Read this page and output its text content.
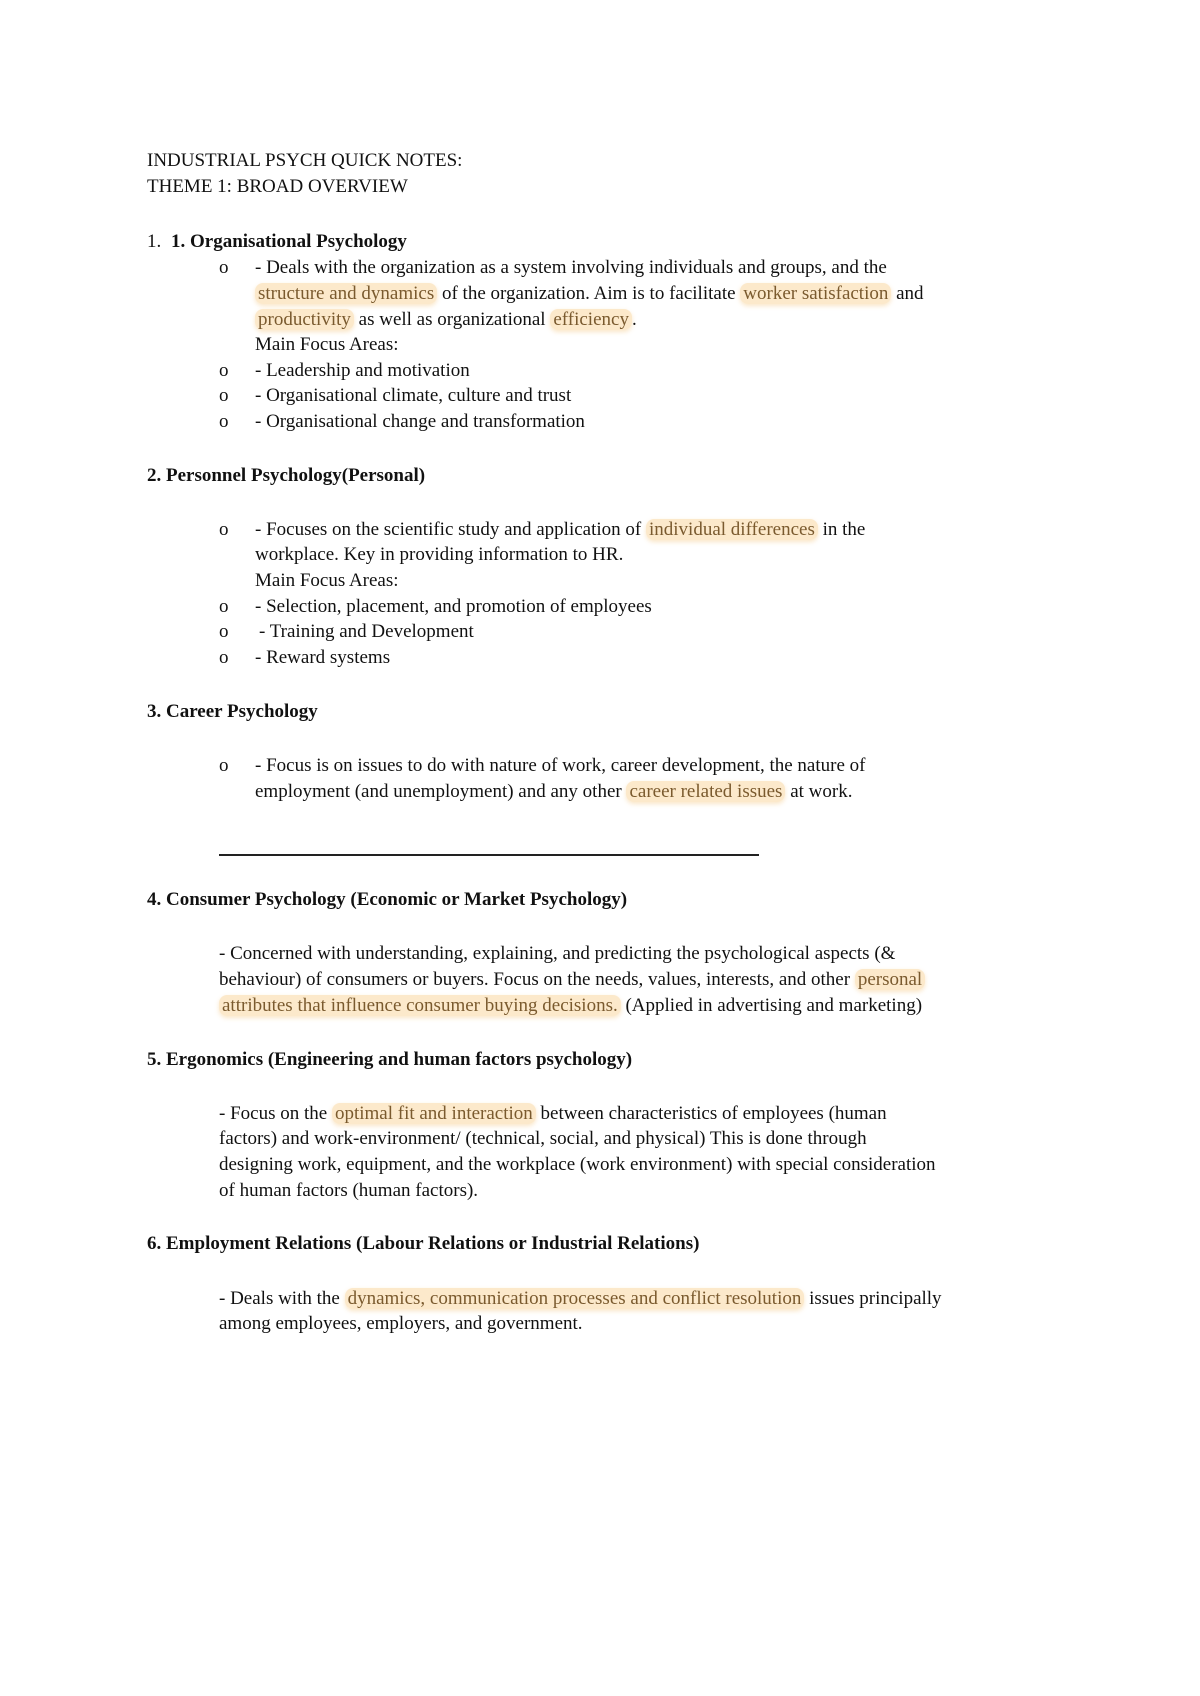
INDUSTRIAL PSYCH QUICK NOTES:
THEME 1: BROAD OVERVIEW
1. 1. Organisational Psychology
o - Deals with the organization as a system involving individuals and groups, and the
structure and dynamics of the organization. Aim is to facilitate worker satisfaction and
productivity as well as organizational efficiency .
Main Focus Areas:
o - Leadership and motivation
o - Organisational climate, culture and trust
o - Organisational change and transformation
2. Personnel Psychology(Personal)
o - Focuses on the scientific study and application of individual differences in the
workplace. Key in providing information to HR.
Main Focus Areas:
o - Selection, placement, and promotion of employees
o - Training and Development
o - Reward systems
3. Career Psychology
o - Focus is on issues to do with nature of work, career development, the nature of
employment (and unemployment) and any other career related issues at work.
4. Consumer Psychology (Economic or Market Psychology)
- Concerned with understanding, explaining, and predicting the psychological aspects (&
behaviour) of consumers or buyers. Focus on the needs, values, interests, and other personal
attributes that influence consumer buying decisions. (Applied in advertising and marketing)
5. Ergonomics (Engineering and human factors psychology)
- Focus on the optimal fit and interaction between characteristics of employees (human
factors) and work-environment/ (technical, social, and physical) This is done through
designing work, equipment, and the workplace (work environment) with special consideration
of human factors (human factors).
6. Employment Relations (Labour Relations or Industrial Relations)
- Deals with the dynamics, communication processes and conflict resolution issues principally
among employees, employers, and government.
